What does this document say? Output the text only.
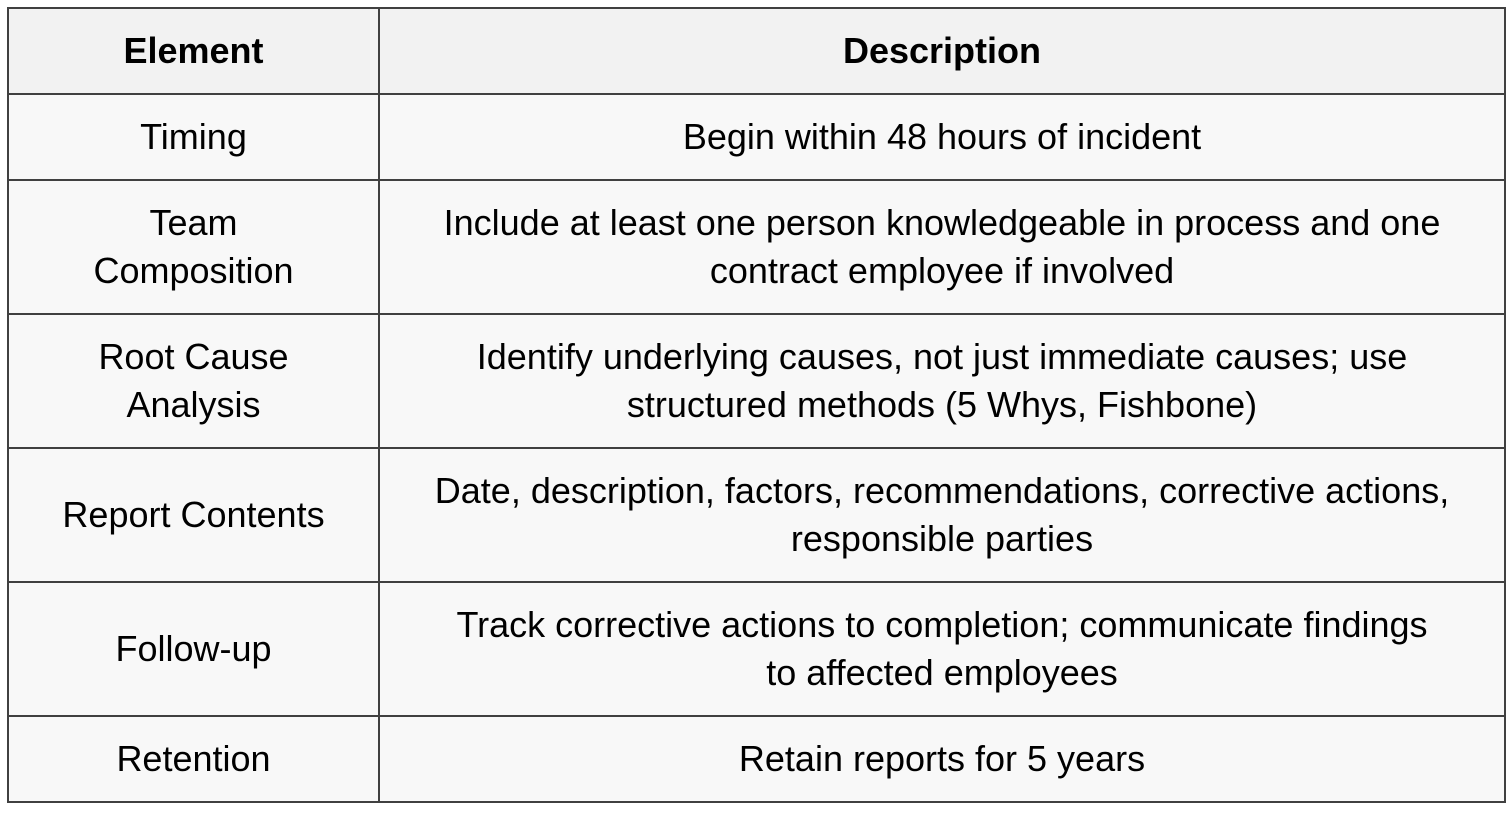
Element	Description
Timing	Begin within 48 hours of incident

Team Composition	Include at least one person knowledgeable in process and one contract employee if involved

Root Cause Analysis	Identify underlying causes, not just immediate causes; use structured methods (5 Whys, Fishbone)

Report Contents	Date, description, factors, recommendations, corrective actions, responsible parties

Follow-up	Track corrective actions to completion; communicate findings to affected employees

Retention	Retain reports for 5 years
